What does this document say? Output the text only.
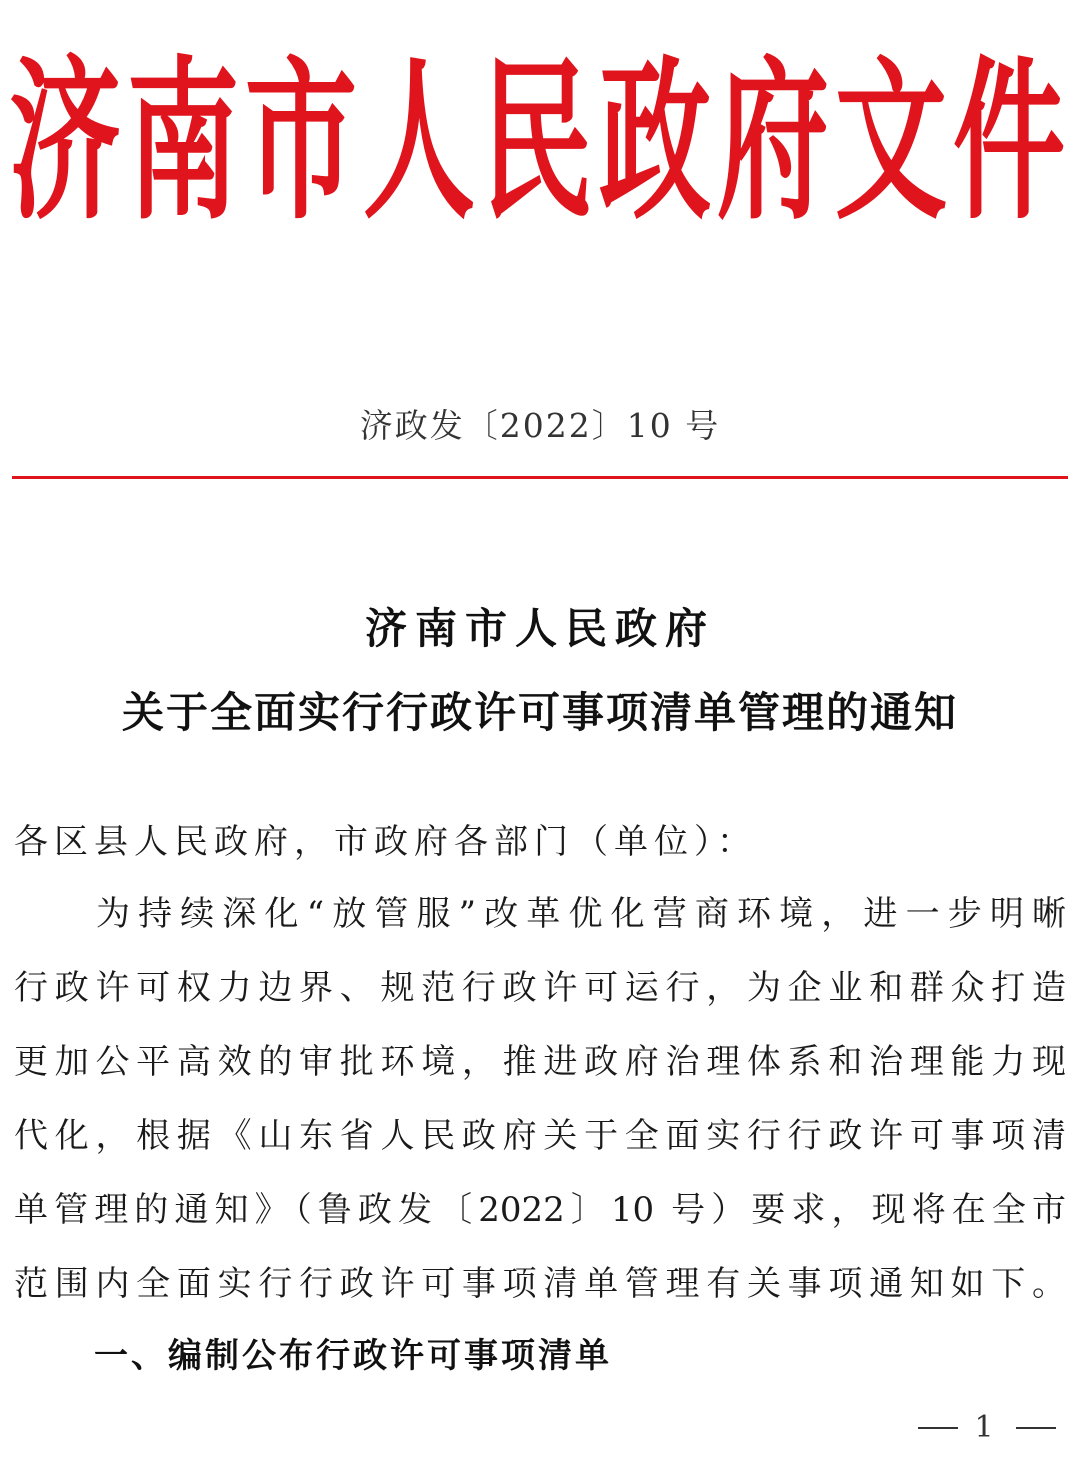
济南市人民政府文件
济政发〔2022〕10 号
济南市人民政府
关于全面实行行政许可事项清单管理的通知
各区县人民政府，市政府各部门（单位）：
为持续深化“放管服”改革优化营商环境，进一步明晰
行政许可权力边界、规范行政许可运行，为企业和群众打造
更加公平高效的审批环境，推进政府治理体系和治理能力现
代化，根据《山东省人民政府关于全面实行行政许可事项清
单管理的通知》（鲁政发〔2022〕10 号）要求，现将在全市
范围内全面实行行政许可事项清单管理有关事项通知如下。
一、编制公布行政许可事项清单
1
